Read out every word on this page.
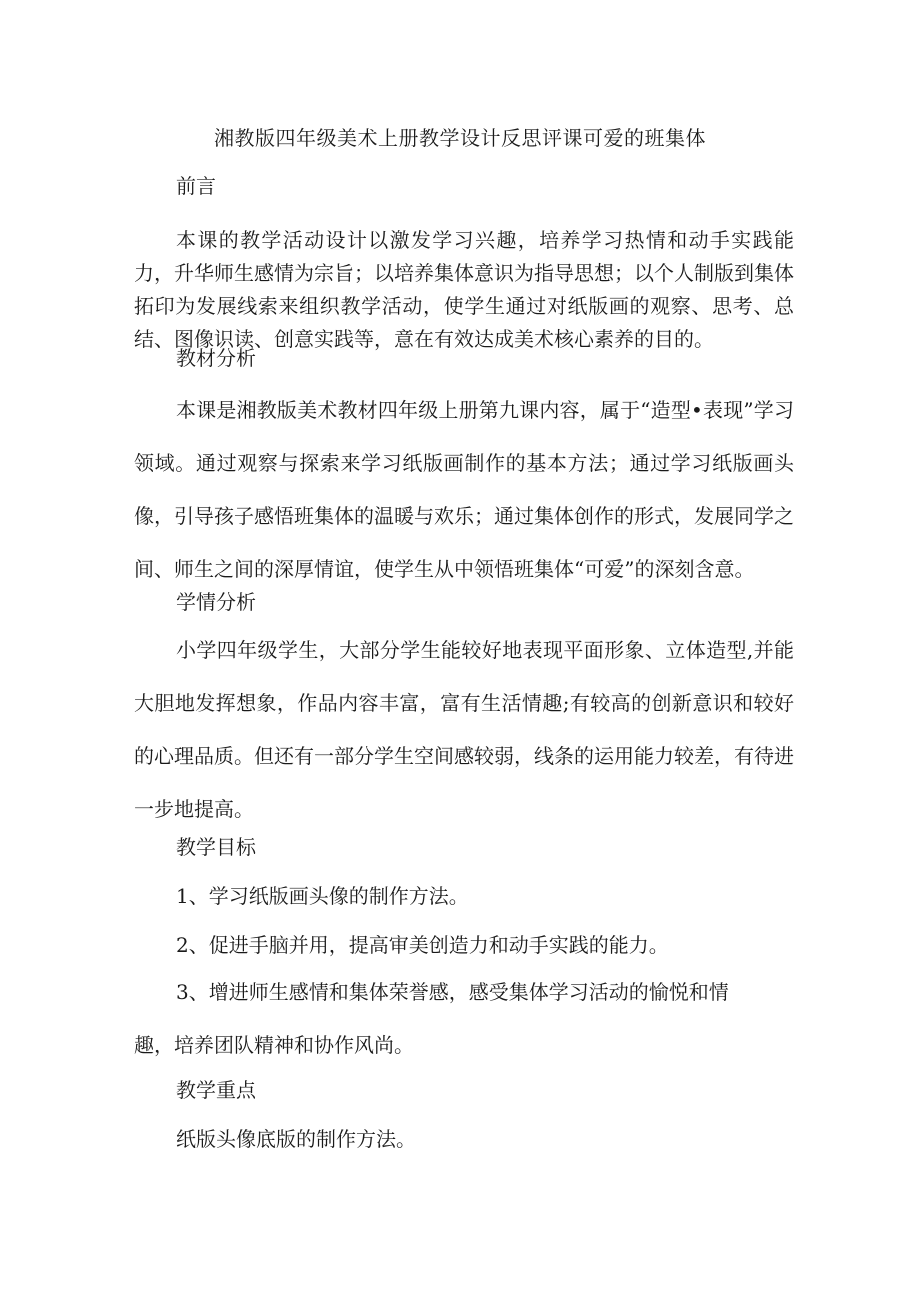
湘教版四年级美术上册教学设计反思评课可爱的班集体
前言

本课的教学活动设计以激发学习兴趣，培养学习热情和动手实践能力，升华师生感情为宗旨；以培养集体意识为指导思想；以个人制版到集体拓印为发展线索来组织教学活动，使学生通过对纸版画的观察、思考、总结、图像识读、创意实践等，意在有效达成美术核心素养的目的。

教材分析

本课是湘教版美术教材四年级上册第九课内容，属于“造型•表现”学习领域。通过观察与探索来学习纸版画制作的基本方法；通过学习纸版画头像，引导孩子感悟班集体的温暖与欢乐；通过集体创作的形式，发展同学之间、师生之间的深厚情谊，使学生从中领悟班集体“可爱”的深刻含意。

学情分析

小学四年级学生，大部分学生能较好地表现平面形象、立体造型,并能大胆地发挥想象，作品内容丰富，富有生活情趣;有较高的创新意识和较好的心理品质。但还有一部分学生空间感较弱，线条的运用能力较差，有待进一步地提高。

教学目标
1、学习纸版画头像的制作方法。
2、促进手脑并用，提高审美创造力和动手实践的能力。

3、增进师生感情和集体荣誉感，感受集体学习活动的愉悦和情趣，培养团队精神和协作风尚。

教学重点
纸版头像底版的制作方法。
